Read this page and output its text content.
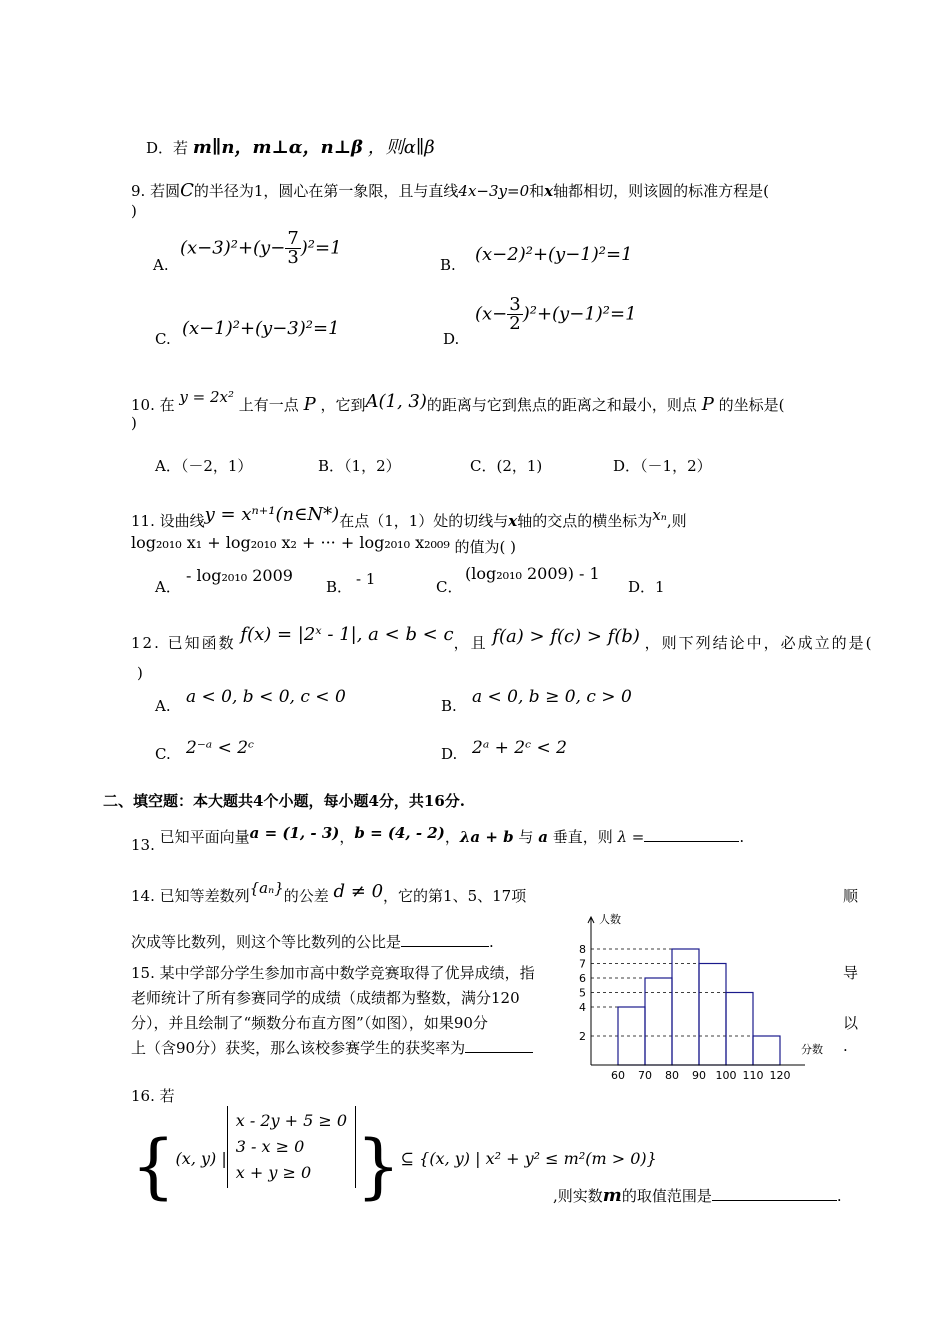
D．若 m∥n，m⊥α，n⊥β ，则α∥β
9. 若圆C的半径为1，圆心在第一象限，且与直线4x−3y=0和x轴都相切，则该圆的标准方程是(
)
A.
$(x-3)^2+(y- \frac{7}{3} )^2=1$
B. (x−2)²+(y−1)²=1
C. (x−1)²+(y−3)²=1	D.
$(x- \frac{3}{2} )^2+(y-1)^2=1$
10. 在 y = 2x² 上有一点 P ，它到A(1, 3)的距离与它到焦点的距离之和最小，则点 P 的坐标是(
)
A．（－2，1）	B．（1，2）	C．(2，1)	D．（－1，2）
11. 设曲线y = xⁿ⁺¹(n∈N*)在点（1，1）处的切线与x轴的交点的横坐标为xₙ,则
log₂₀₁₀ x₁ + log₂₀₁₀ x₂ + ··· + log₂₀₁₀ x₂₀₀₉ 的值为( )
A．
- log₂₀₁₀ 2009
B． - 1	C．
(log₂₀₁₀ 2009) - 1
D．1
12. 已知函数 f(x) = |2ˣ - 1|, a < b < c，且 f(a) > f(c) > f(b) ，则下列结论中，必成立的是(
)
A. a < 0, b < 0, c < 0	B. a < 0, b ≥ 0, c > 0
C. 2⁻ᵃ < 2ᶜ	D. 2ᵃ + 2ᶜ < 2
二、填空题：本大题共4个小题，每小题4分，共16分.
13. 已知平面向量a = (1, - 3)，b = (4, - 2)，λa + b 与 a 垂直，则 λ =	.
14. 已知等差数列{aₙ}的公差 d ≠ 0，它的第1、5、17项	顺
次成等比数列，则这个等比数列的公比是	.
15. 某中学部分学生参加市高中数学竞赛取得了优异成绩，指	导
老师统计了所有参赛同学的成绩（成绩都为整数，满分120
分），并且绘制了“频数分布直方图”（如图），如果90分	以
上（含90分）获奖，那么该校参赛学生的获奖率为	.
2
4
5
6
7
8
60 70 80 90 100 110 120
人数
分数
16. 若
{(x, y) |
x - 2y + 5 ≥ 0
3 - x ≥ 0
x + y ≥ 0 }⊆ {(x, y) | x² + y² ≤ m²(m > 0)}
,则实数m的取值范围是	.
